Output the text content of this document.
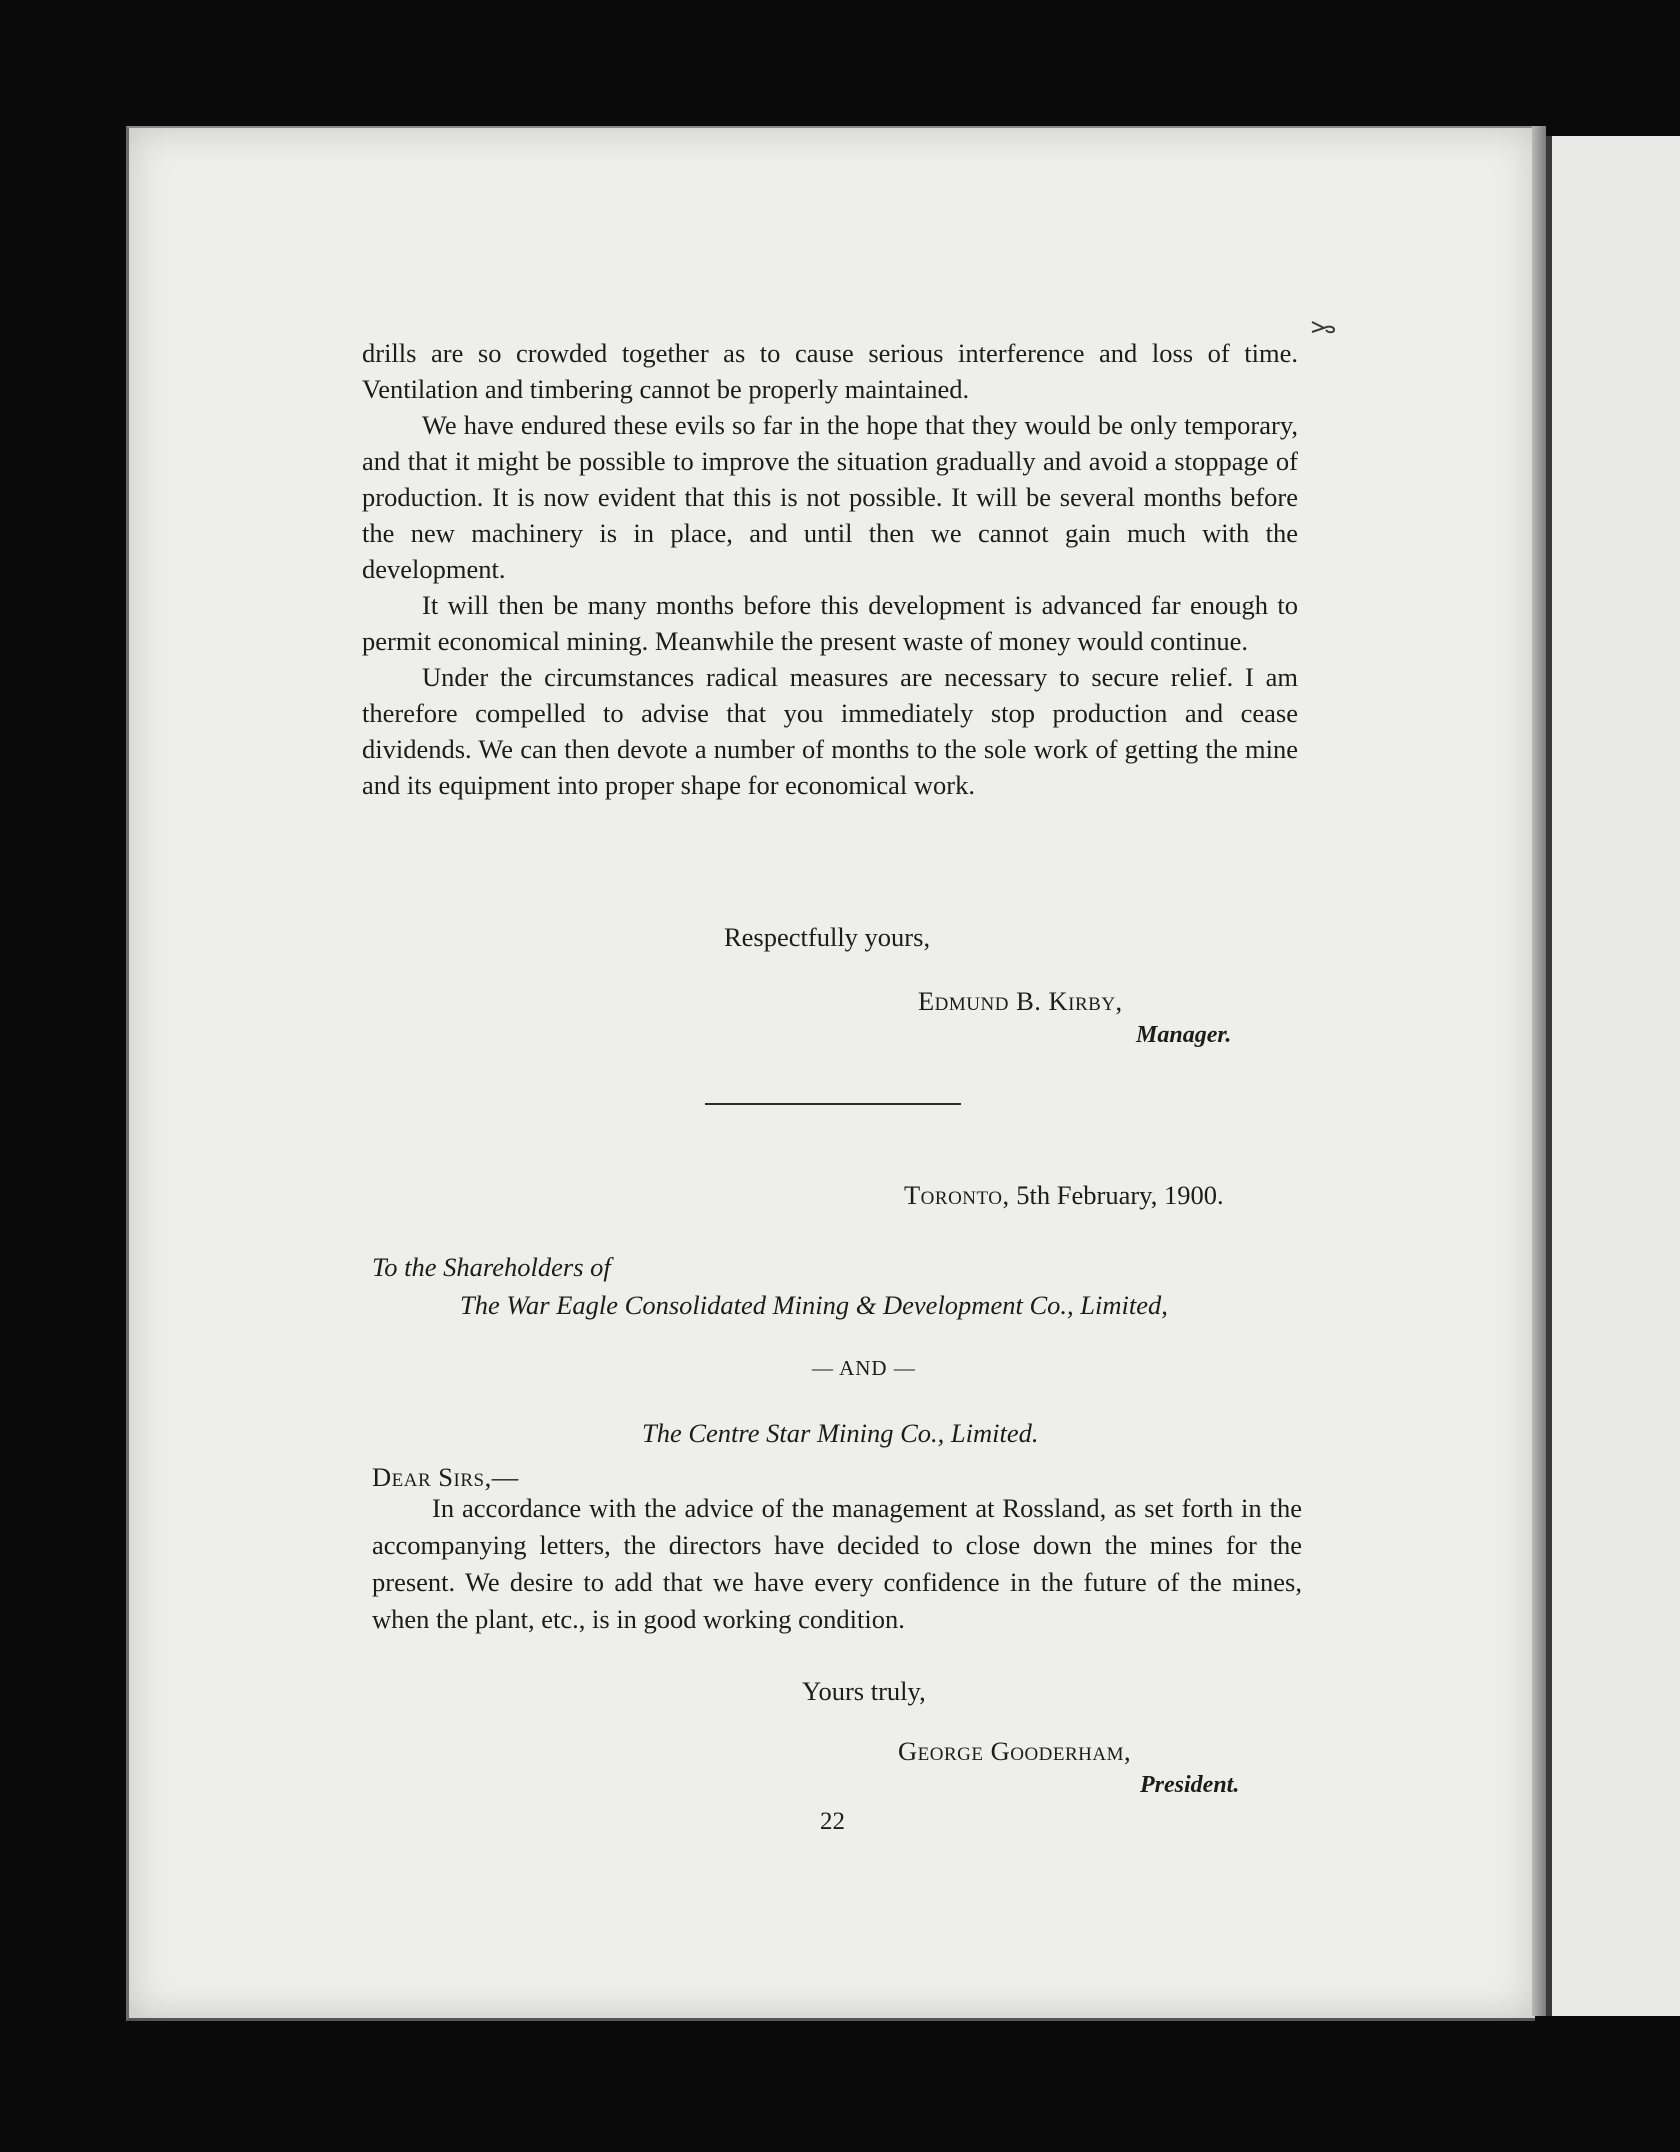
drills are so crowded together as to cause serious interference and loss of time. Ventilation and timbering cannot be properly maintained.

We have endured these evils so far in the hope that they would be only temporary, and that it might be possible to improve the situation gradually and avoid a stoppage of production. It is now evident that this is not possible. It will be several months before the new machinery is in place, and until then we cannot gain much with the development.

It will then be many months before this development is advanced far enough to permit economical mining. Meanwhile the present waste of money would continue.

Under the circumstances radical measures are necessary to secure relief. I am therefore compelled to advise that you immediately stop production and cease dividends. We can then devote a number of months to the sole work of getting the mine and its equipment into proper shape for economical work.

Respectfully yours,
Edmund B. Kirby,
Manager.
Toronto, 5th February, 1900.
To the Shareholders of
The War Eagle Consolidated Mining & Development Co., Limited,
— AND —
The Centre Star Mining Co., Limited.
Dear Sirs,—

In accordance with the advice of the management at Rossland, as set forth in the accompanying letters, the directors have decided to close down the mines for the present. We desire to add that we have every confidence in the future of the mines, when the plant, etc., is in good working condition.

Yours truly,
George Gooderham,
President.
22
